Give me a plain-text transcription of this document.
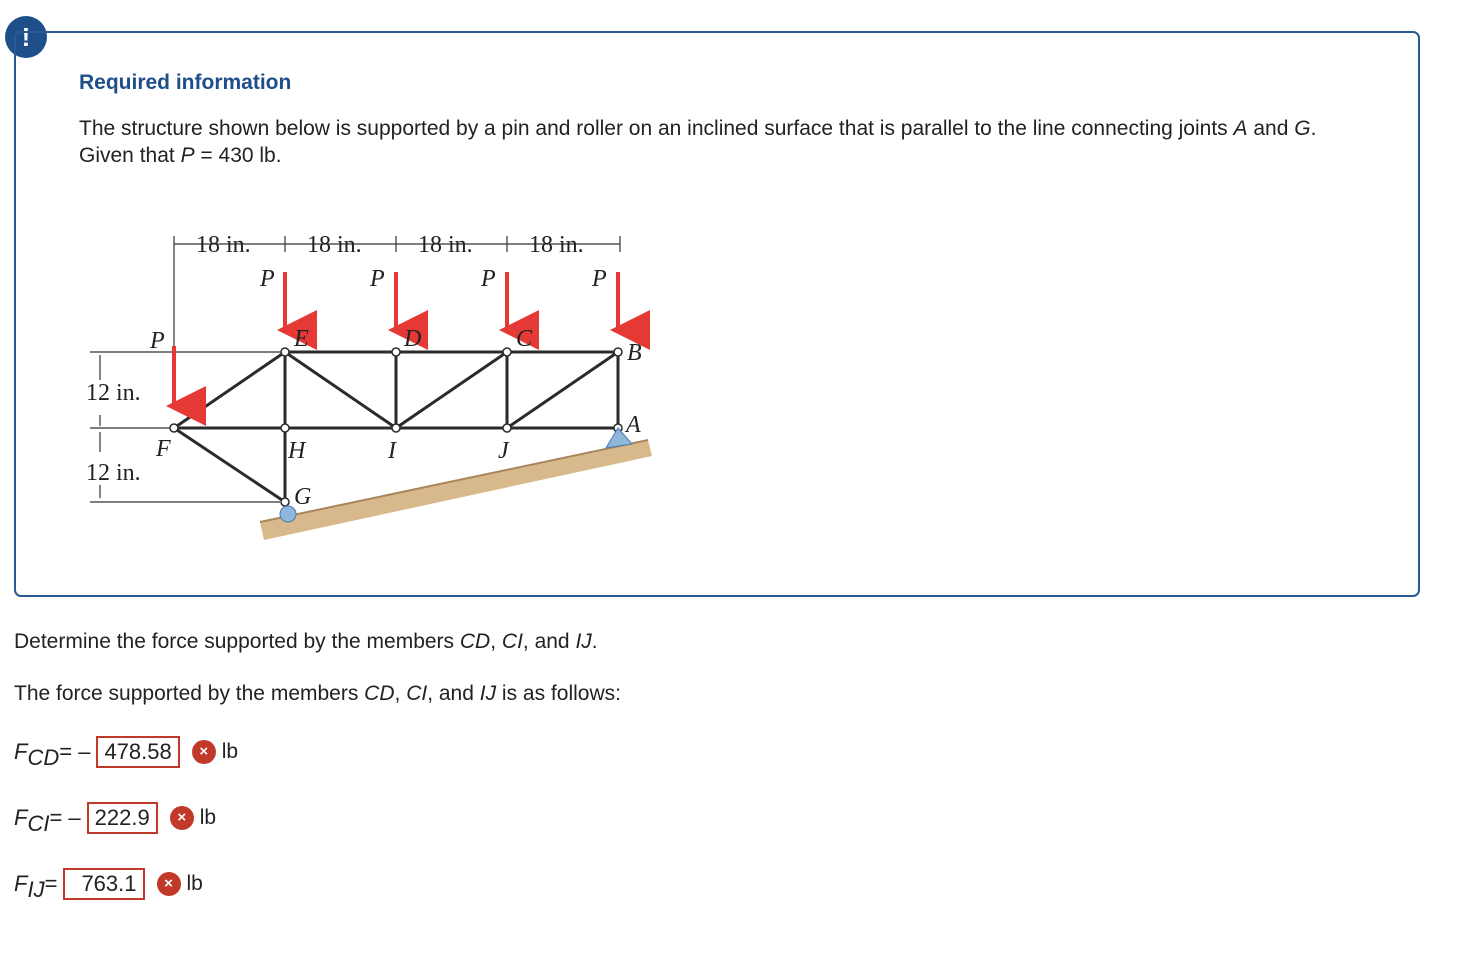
!
Required information
The structure shown below is supported by a pin and roller on an inclined surface that is parallel to the line connecting joints A and G. Given that P = 430 lb.
18 in. 18 in. 18 in. 18 in.
12 in.
12 in.
P
P	P	P	P
E	D	C
B
A
F	H	I	J
G
Determine the force supported by the members CD, CI, and IJ.
The force supported by the members CD, CI, and IJ is as follows:
F $_{CD}$ = – 478.58	× lb
F $_{CI}$ = – 222.9	× lb
F $_{IJ}$ =	763.1	× lb
